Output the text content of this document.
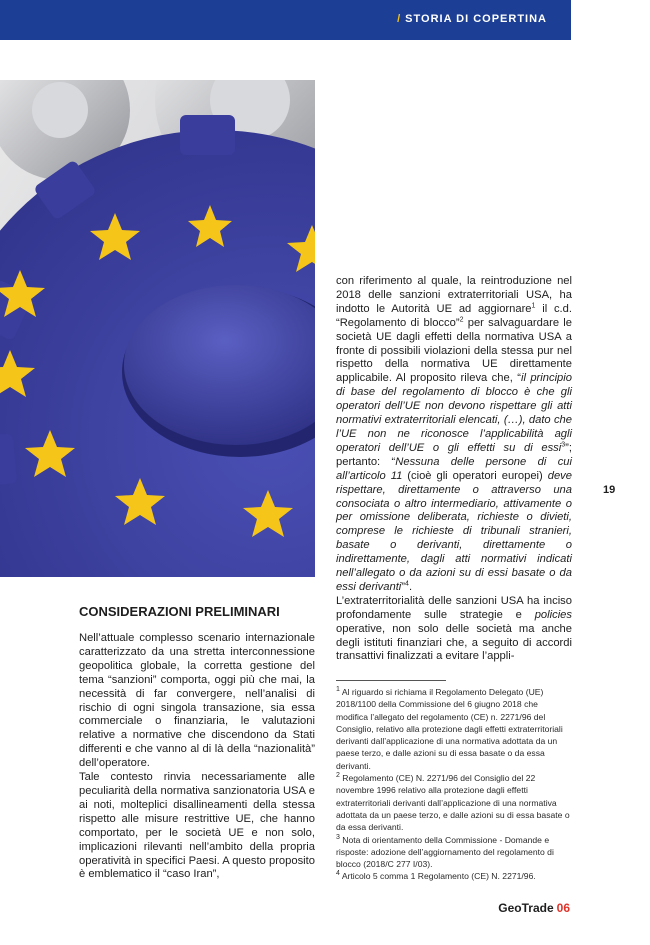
/ STORIA DI COPERTINA
CONSIDERAZIONI PRELIMINARI

Nell’attuale complesso scenario internazionale caratterizzato da una stretta interconnessione geopolitica globale, la corretta gestione del tema “sanzioni” comporta, oggi più che mai, la necessità di far convergere, nell’analisi di rischio di ogni singola transazione, sia essa commerciale o finanziaria, le valutazioni relative a normative che discendono da Stati differenti e che vanno al di là della “nazionalità” dell’operatore.

Tale contesto rinvia necessariamente alle peculiarità della normativa sanzionatoria USA e ai noti, molteplici disallineamenti della stessa rispetto alle misure restrittive UE, che hanno comportato, per le società UE e non solo, implicazioni rilevanti nell’ambito della propria operatività in specifici Paesi. A questo proposito è emblematico il “caso Iran”,

con riferimento al quale, la reintroduzione nel 2018 delle sanzioni extraterritoriali USA, ha indotto le Autorità UE ad aggiornare$^1$ il c.d. “Regolamento di blocco”$^2$ per salvaguardare le società UE dagli effetti della normativa USA a fronte di possibili violazioni della stessa pur nel rispetto della normativa UE direttamente applicabile. Al proposito rileva che, “il principio di base del regolamento di blocco è che gli operatori dell’UE non devono rispettare gli atti normativi extraterritoriali elencati, (…), dato che l’UE non ne riconosce l’applicabilità agli operatori dell’UE o gli effetti su di essi$^3$”; pertanto: “Nessuna delle persone di cui all’articolo 11 (cioè gli operatori europei) deve rispettare, direttamente o attraverso una consociata o altro intermediario, attivamente o per omissione deliberata, richieste o divieti, comprese le richieste di tribunali stranieri, basate o derivanti, direttamente o indirettamente, dagli atti normativi indicati nell’allegato o da azioni su di essi basate o da essi derivanti”$^4$.

L’extraterritorialità delle sanzioni USA ha inciso profondamente sulle strategie e policies operative, non solo delle società ma anche degli istituti finanziari che, a seguito di accordi transattivi finalizzati a evitare l’appli-

19

$^1$ Al riguardo si richiama il Regolamento Delegato (UE) 2018/1100 della Commissione del 6 giugno 2018 che modifica l’allegato del regolamento (CE) n. 2271/96 del Consiglio, relativo alla protezione dagli effetti extraterritoriali derivanti dall’applicazione di una normativa adottata da un paese terzo, e dalle azioni su di essa basate o da essa derivanti.

$^2$ Regolamento (CE) N. 2271/96 del Consiglio del 22 novembre 1996 relativo alla protezione dagli effetti extraterritoriali derivanti dall’applicazione di una normativa adottata da un paese terzo, e dalle azioni su di essa basate o da essa derivanti.

$^3$ Nota di orientamento della Commissione - Domande e risposte: adozione dell’aggiornamento del regolamento di blocco (2018/C 277 I/03).

$^4$ Articolo 5 comma 1 Regolamento (CE) N. 2271/96.

GeoTrade 06
